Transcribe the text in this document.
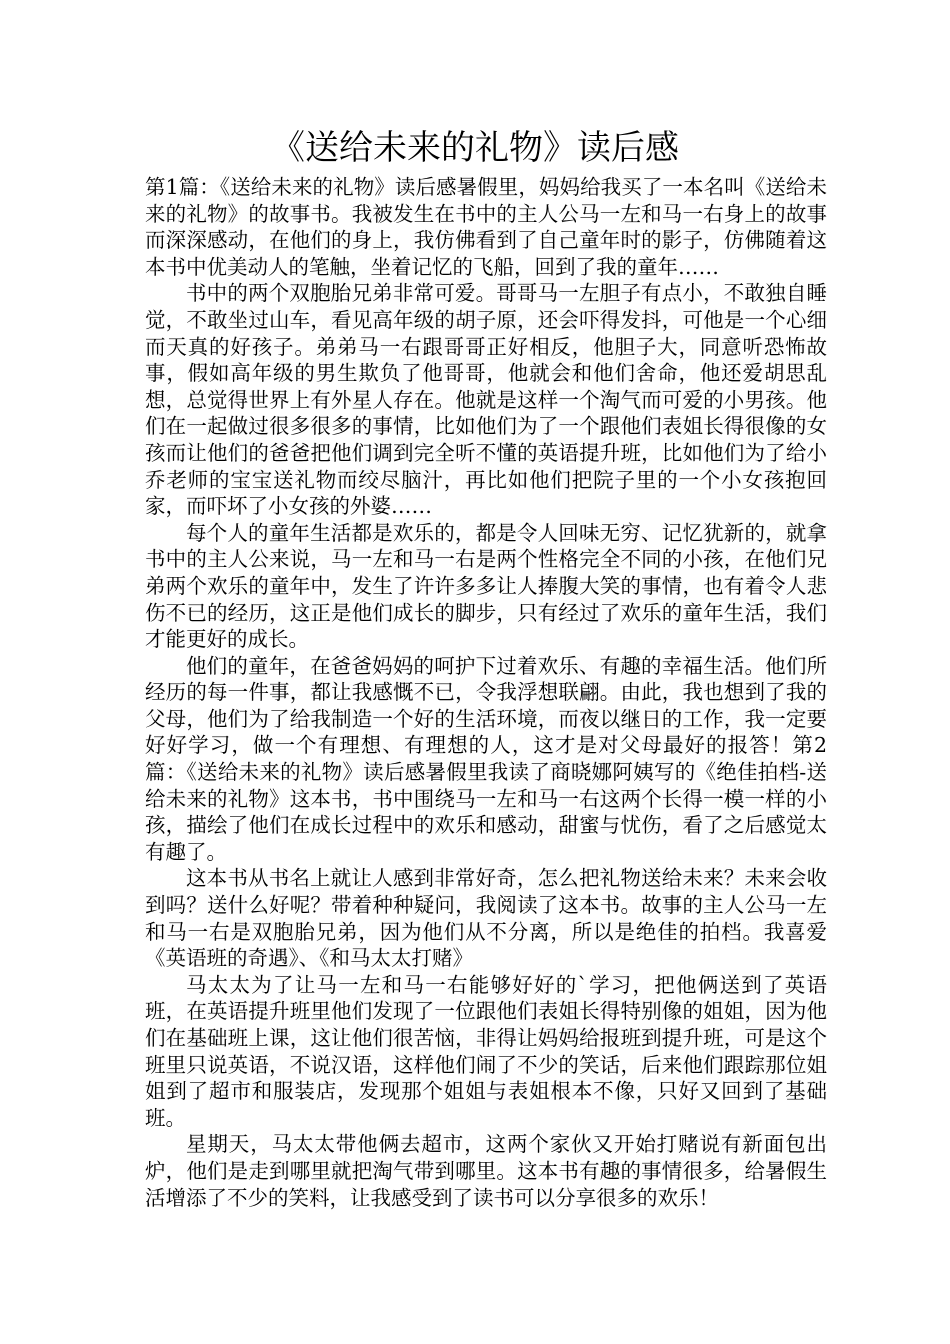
《送给未来的礼物》读后感

第1篇：《送给未来的礼物》读后感暑假里，妈妈给我买了一本名叫《送给未来的礼物》的故事书。我被发生在书中的主人公马一左和马一右身上的故事而深深感动，在他们的身上，我仿佛看到了自己童年时的影子，仿佛随着这本书中优美动人的笔触，坐着记忆的飞船，回到了我的童年……

书中的两个双胞胎兄弟非常可爱。哥哥马一左胆子有点小，不敢独自睡觉，不敢坐过山车，看见高年级的胡子原，还会吓得发抖，可他是一个心细而天真的好孩子。弟弟马一右跟哥哥正好相反，他胆子大，同意听恐怖故事，假如高年级的男生欺负了他哥哥，他就会和他们舍命，他还爱胡思乱想，总觉得世界上有外星人存在。他就是这样一个淘气而可爱的小男孩。他们在一起做过很多很多的事情，比如他们为了一个跟他们表姐长得很像的女孩而让他们的爸爸把他们调到完全听不懂的英语提升班，比如他们为了给小乔老师的宝宝送礼物而绞尽脑汁，再比如他们把院子里的一个小女孩抱回家，而吓坏了小女孩的外婆……

每个人的童年生活都是欢乐的，都是令人回味无穷、记忆犹新的，就拿书中的主人公来说，马一左和马一右是两个性格完全不同的小孩，在他们兄弟两个欢乐的童年中，发生了许许多多让人捧腹大笑的事情，也有着令人悲伤不已的经历，这正是他们成长的脚步，只有经过了欢乐的童年生活，我们才能更好的成长。

他们的童年，在爸爸妈妈的呵护下过着欢乐、有趣的幸福生活。他们所经历的每一件事，都让我感慨不已，令我浮想联翩。由此，我也想到了我的父母，他们为了给我制造一个好的生活环境，而夜以继日的工作，我一定要好好学习，做一个有理想、有理想的人，这才是对父母最好的报答！第2篇：《送给未来的礼物》读后感暑假里我读了商晓娜阿姨写的《绝佳拍档-送给未来的礼物》这本书，书中围绕马一左和马一右这两个长得一模一样的小孩，描绘了他们在成长过程中的欢乐和感动，甜蜜与忧伤，看了之后感觉太有趣了。

这本书从书名上就让人感到非常好奇，怎么把礼物送给未来？未来会收到吗？送什么好呢？带着种种疑问，我阅读了这本书。故事的主人公马一左和马一右是双胞胎兄弟，因为他们从不分离，所以是绝佳的拍档。我喜爱《英语班的奇遇》、《和马太太打赌》

马太太为了让马一左和马一右能够好好的`学习，把他俩送到了英语班，在英语提升班里他们发现了一位跟他们表姐长得特别像的姐姐，因为他们在基础班上课，这让他们很苦恼，非得让妈妈给报班到提升班，可是这个班里只说英语，不说汉语，这样他们闹了不少的笑话，后来他们跟踪那位姐姐到了超市和服装店，发现那个姐姐与表姐根本不像，只好又回到了基础班。

星期天，马太太带他俩去超市，这两个家伙又开始打赌说有新面包出炉，他们是走到哪里就把淘气带到哪里。这本书有趣的事情很多，给暑假生活增添了不少的笑料，让我感受到了读书可以分享很多的欢乐！
